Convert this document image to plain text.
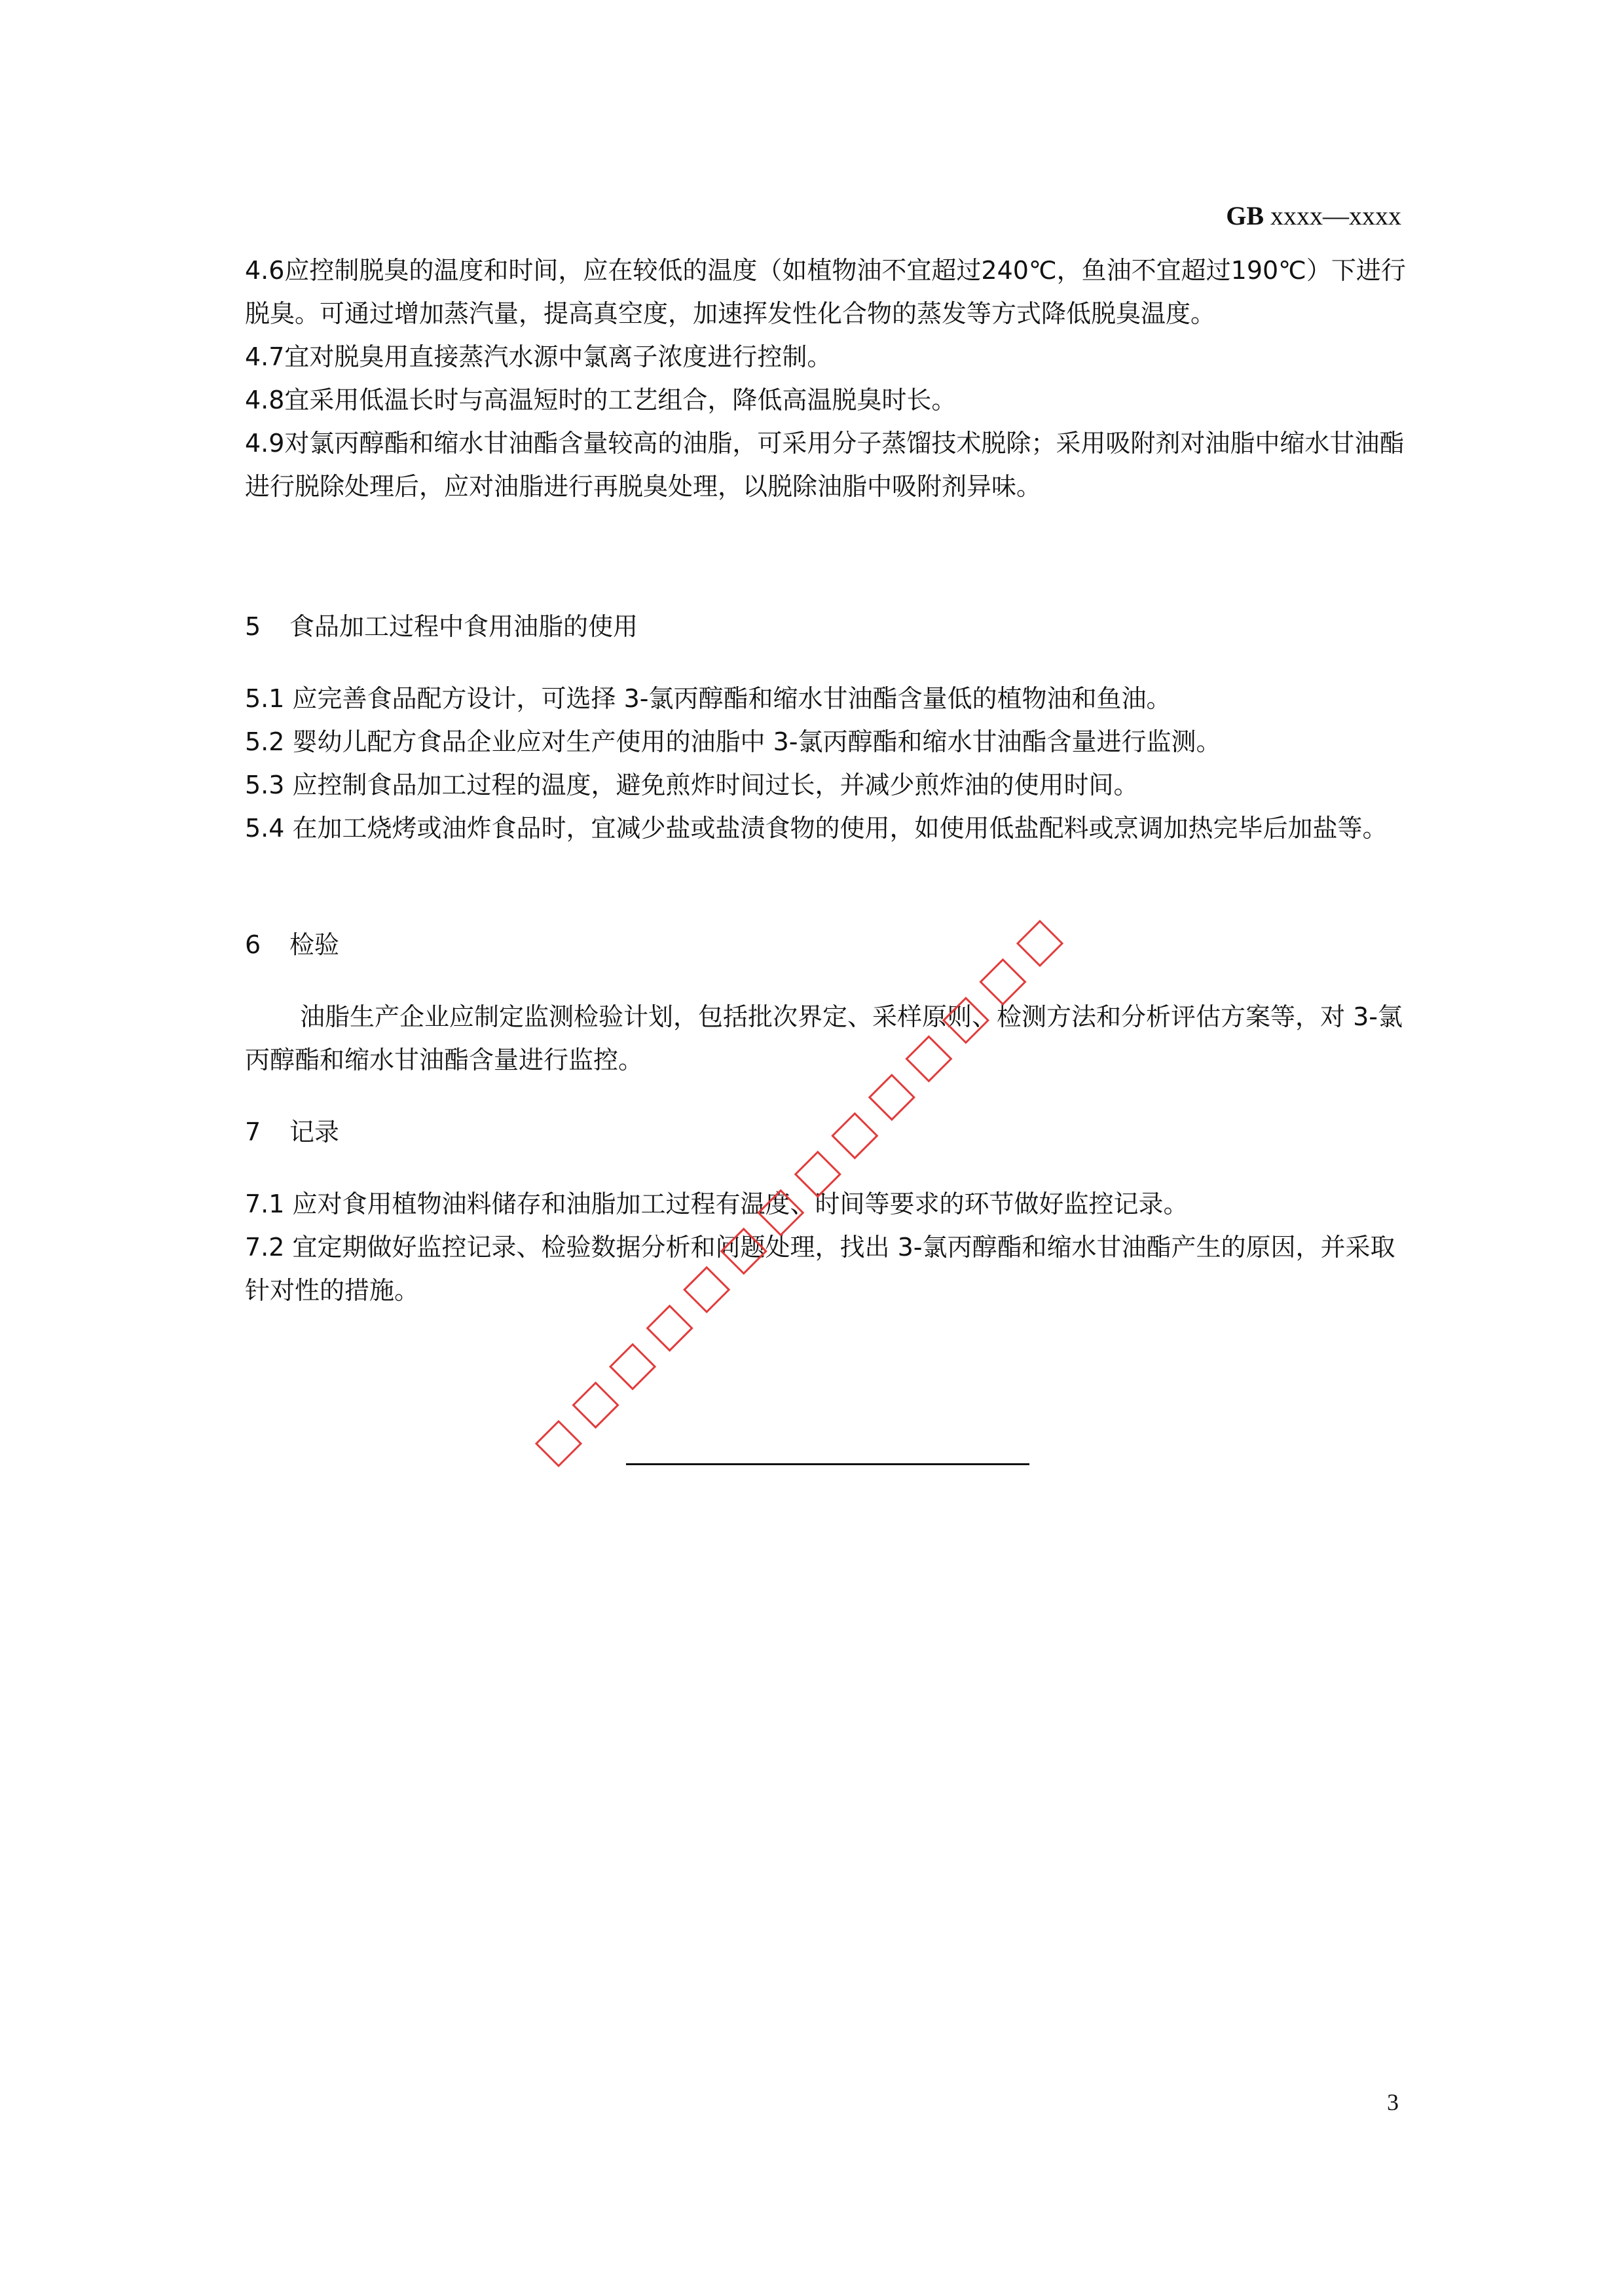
GB xxxx—xxxx

4.6应控制脱臭的温度和时间，应在较低的温度（如植物油不宜超过240℃，鱼油不宜超过190℃）下进行脱臭。可通过增加蒸汽量，提高真空度，加速挥发性化合物的蒸发等方式降低脱臭温度。

4.7宜对脱臭用直接蒸汽水源中氯离子浓度进行控制。

4.8宜采用低温长时与高温短时的工艺组合，降低高温脱臭时长。

4.9对氯丙醇酯和缩水甘油酯含量较高的油脂，可采用分子蒸馏技术脱除；采用吸附剂对油脂中缩水甘油酯进行脱除处理后，应对油脂进行再脱臭处理，以脱除油脂中吸附剂异味。

5 食品加工过程中食用油脂的使用

5.1 应完善食品配方设计，可选择 3-氯丙醇酯和缩水甘油酯含量低的植物油和鱼油。

5.2 婴幼儿配方食品企业应对生产使用的油脂中 3-氯丙醇酯和缩水甘油酯含量进行监测。

5.3 应控制食品加工过程的温度，避免煎炸时间过长，并减少煎炸油的使用时间。

5.4 在加工烧烤或油炸食品时，宜减少盐或盐渍食物的使用，如使用低盐配料或烹调加热完毕后加盐等。

6 检验

油脂生产企业应制定监测检验计划，包括批次界定、采样原则、检测方法和分析评估方案等，对 3-氯丙醇酯和缩水甘油酯含量进行监控。

7 记录

7.1 应对食用植物油料储存和油脂加工过程有温度、时间等要求的环节做好监控记录。

7.2 宜定期做好监控记录、检验数据分析和问题处理，找出 3-氯丙醇酯和缩水甘油酯产生的原因，并采取针对性的措施。

3
